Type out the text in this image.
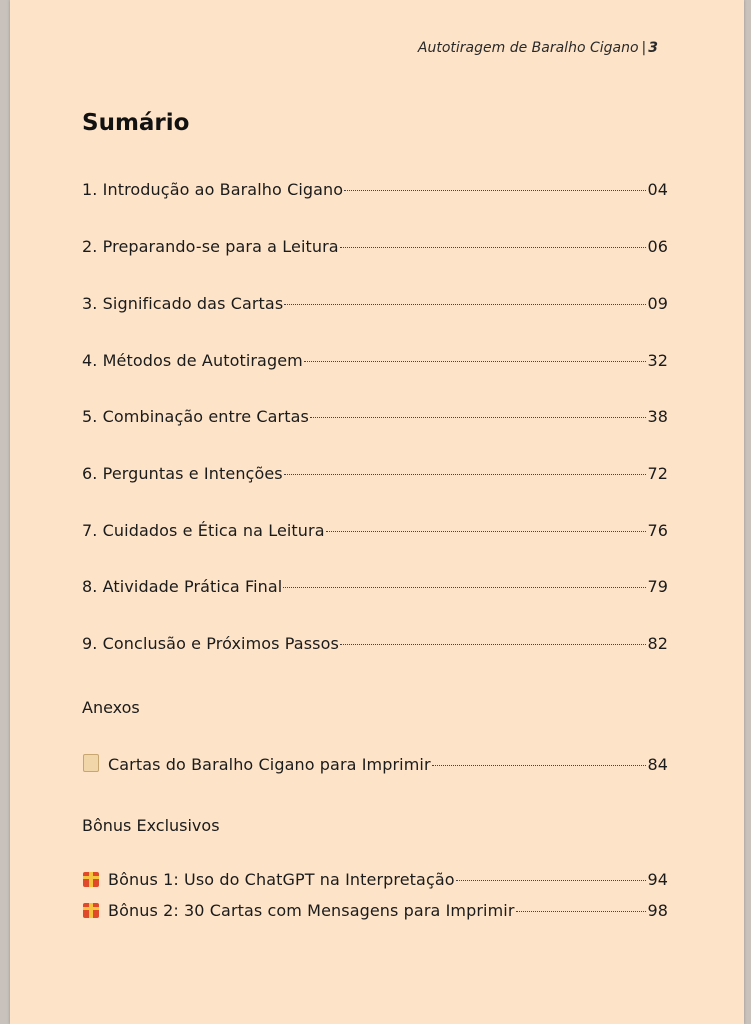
Autotiragem de Baralho Cigano | 3
Sumário
1. Introdução ao Baralho Cigano	04
2. Preparando-se para a Leitura	06
3. Significado das Cartas	09
4. Métodos de Autotiragem	32
5. Combinação entre Cartas	38
6. Perguntas e Intenções	72
7. Cuidados e Ética na Leitura	76
8. Atividade Prática Final	79
9. Conclusão e Próximos Passos	82
Anexos
Cartas do Baralho Cigano para Imprimir	84
Bônus Exclusivos
Bônus 1: Uso do ChatGPT na Interpretação	94
Bônus 2: 30 Cartas com Mensagens para Imprimir	98
